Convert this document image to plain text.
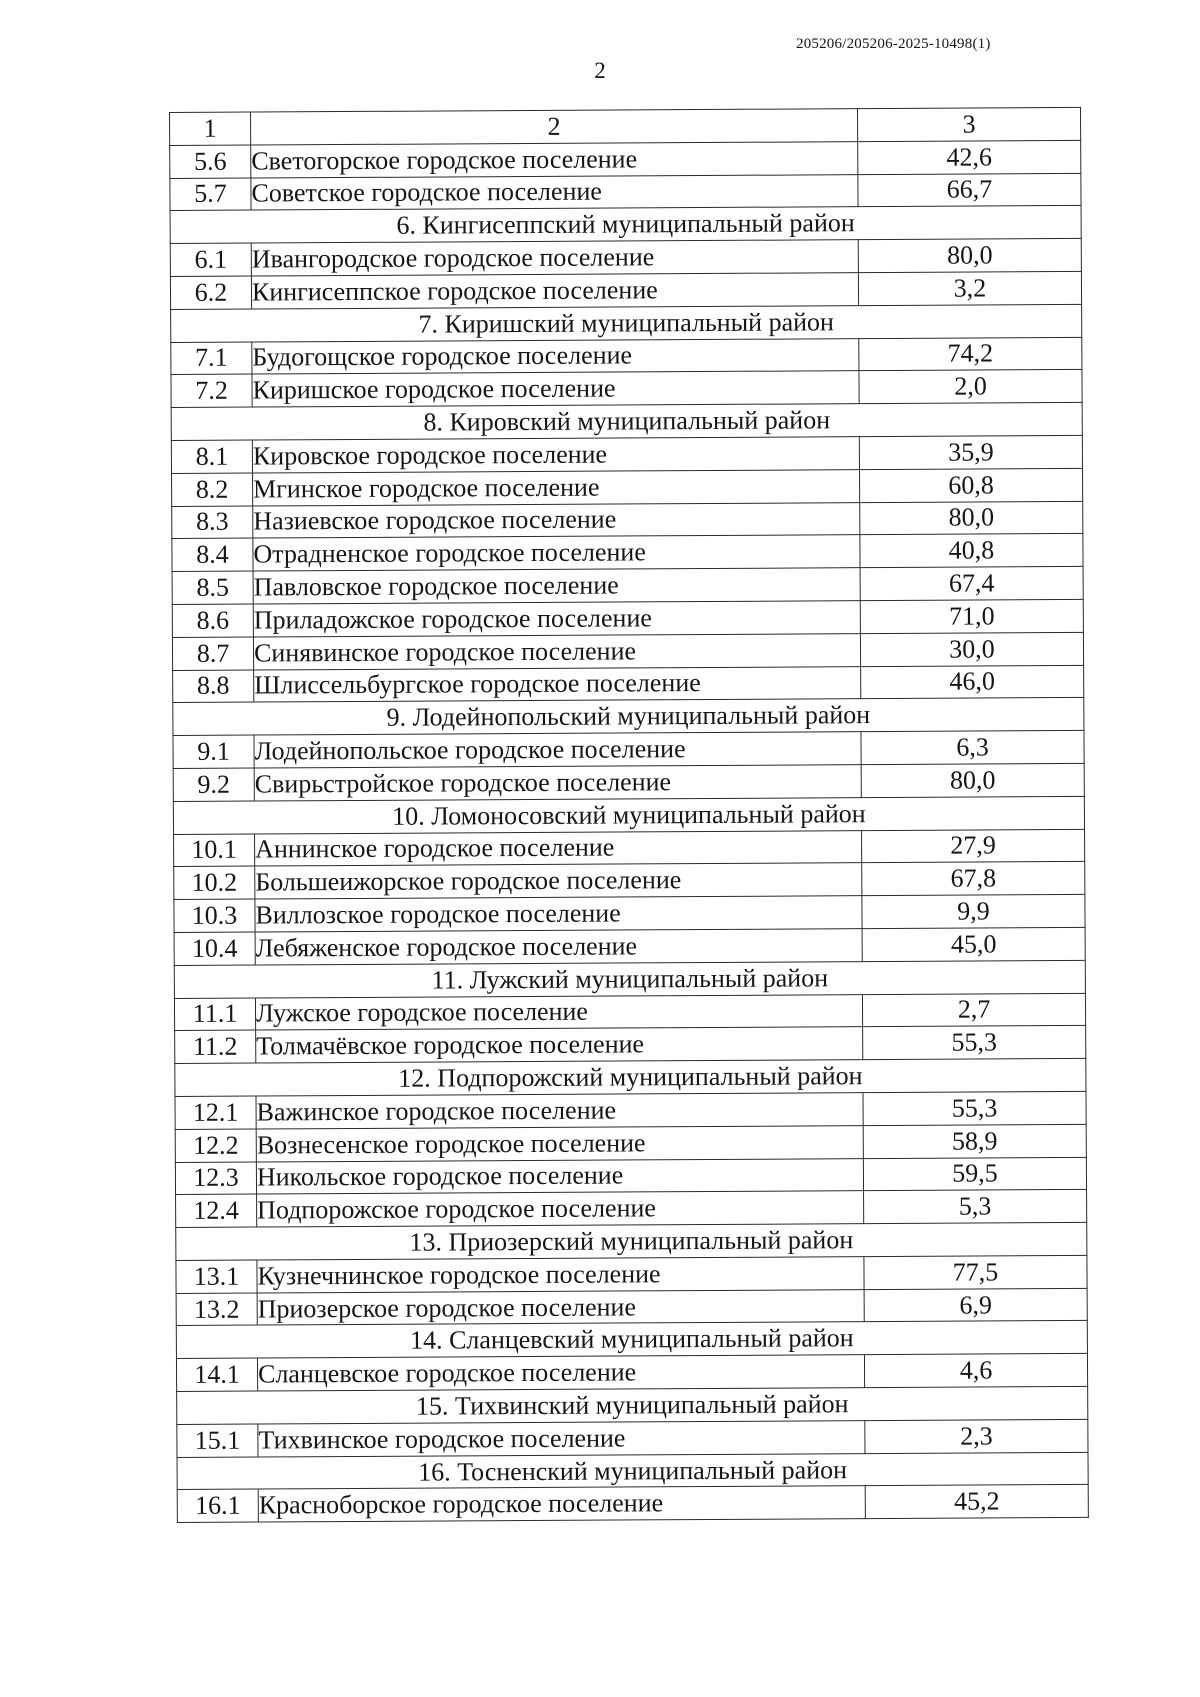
205206/205206-2025-10498(1)
2
1	2	3
5.6	Светогорское городское поселение	42,6
5.7	Советское городское поселение	66,7
6. Кингисеппский муниципальный район		
6.1	Ивангородское городское поселение	80,0
6.2	Кингисеппское городское поселение	3,2
7. Киришский муниципальный район		
7.1	Будогощское городское поселение	74,2
7.2	Киришское городское поселение	2,0
8. Кировский муниципальный район		
8.1	Кировское городское поселение	35,9
8.2	Мгинское городское поселение	60,8
8.3	Назиевское городское поселение	80,0
8.4	Отрадненское городское поселение	40,8
8.5	Павловское городское поселение	67,4
8.6	Приладожское городское поселение	71,0
8.7	Синявинское городское поселение	30,0
8.8	Шлиссельбургское городское поселение	46,0
9. Лодейнопольский муниципальный район		
9.1	Лодейнопольское городское поселение	6,3
9.2	Свирьстройское городское поселение	80,0
10. Ломоносовский муниципальный район		
10.1	Аннинское городское поселение	27,9
10.2	Большеижорское городское поселение	67,8
10.3	Виллозское городское поселение	9,9
10.4	Лебяженское городское поселение	45,0
11. Лужский муниципальный район		
11.1	Лужское городское поселение	2,7
11.2	Толмачёвское городское поселение	55,3
12. Подпорожский муниципальный район		
12.1	Важинское городское поселение	55,3
12.2	Вознесенское городское поселение	58,9
12.3	Никольское городское поселение	59,5
12.4	Подпорожское городское поселение	5,3
13. Приозерский муниципальный район		
13.1	Кузнечнинское городское поселение	77,5
13.2	Приозерское городское поселение	6,9
14. Сланцевский муниципальный район		
14.1	Сланцевское городское поселение	4,6
15. Тихвинский муниципальный район		
15.1	Тихвинское городское поселение	2,3
16. Тосненский муниципальный район		
16.1	Красноборское городское поселение	45,2
